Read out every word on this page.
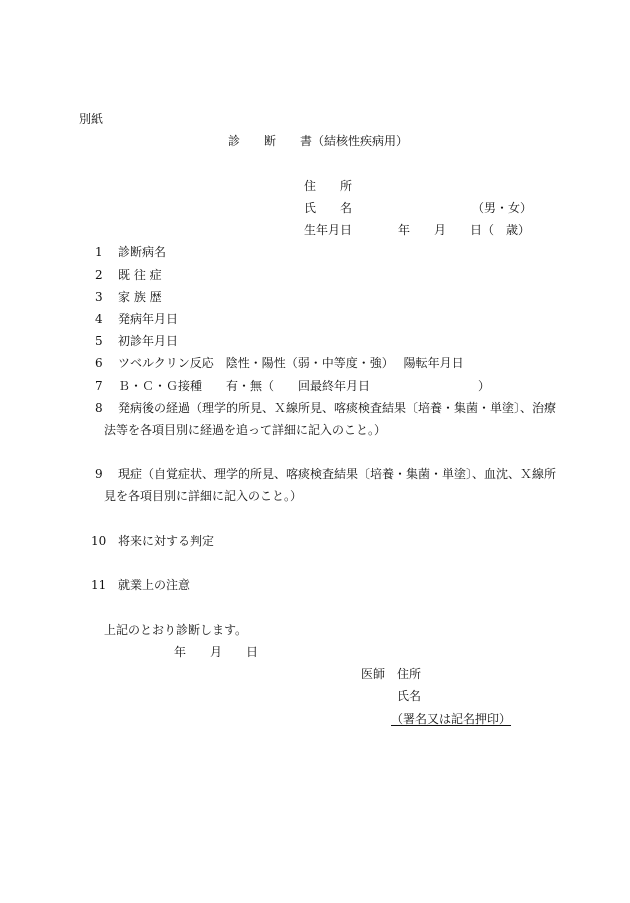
別紙
診　　断　　書（結核性疾病用）
住　　所
氏　　名	（男・女）
生年月日	年　　月　　日（　歳）
1 診断病名
2 既 往 症
3 家 族 歴
4 発病年月日
5 初診年月日
6 ツベルクリン反応　陰性・陽性（弱・中等度・強）　 陽転年月日
7 Ｂ・Ｃ・Ｇ接種　　有・無（　　回最終年月日　　　　　　　　　）
8 発病後の経過（理学的所見、Ｘ線所見、喀痰検査結果〔培養・集菌・単塗〕、治療
法等を各項目別に経過を追って詳細に記入のこと。）
9 現症（自覚症状、理学的所見、喀痰検査結果〔培養・集菌・単塗〕、血沈、Ｘ線所
見を各項目別に詳細に記入のこと。）
10 将来に対する判定
11 就業上の注意
上記のとおり診断します。
年　　月　　日
医師 住所
氏名
（署名又は記名押印）
